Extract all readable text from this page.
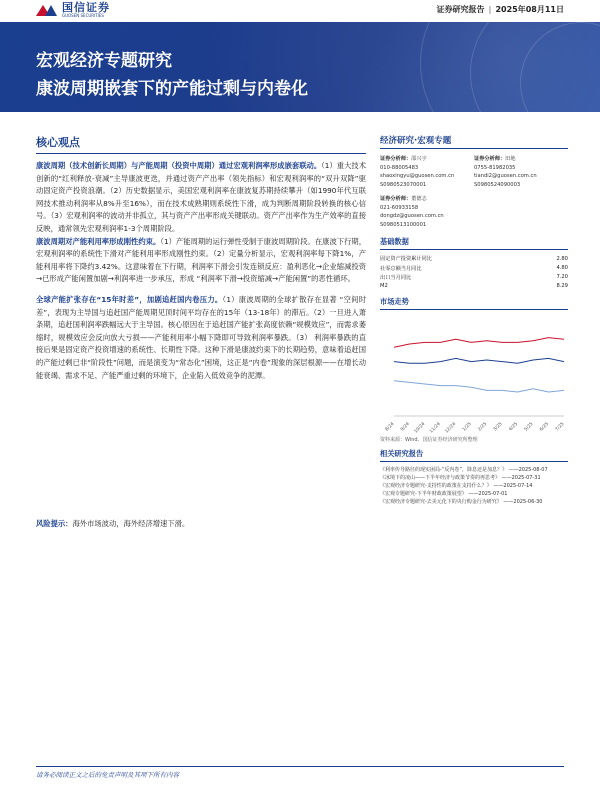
国信证券
GUOSEN SECURITIES
证券研究报告 | 2025年08月11日
宏观经济专题研究
康波周期嵌套下的产能过剩与内卷化
核心观点

康波周期（技术创新长周期）与产能周期（投资中周期）通过宏观利润率形成嵌套联动。（1）重大技术创新的“红利释放-衰减”主导康波更迭，并通过资产产出率（领先指标）和宏观利润率的“双升双降”驱动固定资产投资浪潮。（2）历史数据显示，美国宏观利润率在康波复苏期持续攀升（如1990年代互联网技术推动利润率从8%升至16%），而在技术成熟期则系统性下滑，成为判断周期阶段转换的核心信号。（3）宏观利润率的波动并非孤立，其与资产产出率形成关键联动。资产产出率作为生产效率的直接反映，通常领先宏观利润率1-3个周期阶段。

康波周期对产能利用率形成刚性约束。（1）产能周期的运行弹性受制于康波周期阶段。在康波下行期，宏观利润率的系统性下滑对产能利用率形成刚性约束。（2）定量分析显示，宏观利润率每下降1%，产能利用率将下降约3.42%。这意味着在下行期，利润率下滑会引发连锁反应：盈利恶化→企业缩减投资→已形成产能闲置加剧→利润率进一步承压，形成 “利润率下滑→投资缩减→产能闲置”的恶性循环。

全球产能扩张存在“15年时差”，加剧追赶国内卷压力。（1）康波周期的全球扩散存在显著 “空间时差”，表现为主导国与追赶国产能周期见顶时间平均存在的15年（13-18年）的滞后。（2）一旦进入萧条期，追赶国利润率跌幅远大于主导国。核心原因在于追赶国产能扩张高度依赖“规模效应”，而需求萎缩时，规模效应会反向放大亏损——产能利用率小幅下降即可导致利润率暴跌。（3） 利润率暴跌的直接后果是固定资产投资增速的系统性、长期性下降。这种下滑是康波约束下的长期趋势，意味着追赶国的产能过剩已非“阶段性”问题，而是演变为“常态化”困境，这正是“内卷”现象的深层根源——在增长动能衰竭、需求不足、产能严重过剩的环境下，企业陷入低效竞争的泥潭。

风险提示：海外市场波动，海外经济增速下滑。
经济研究·宏观专题
证券分析师：邵兴宇
010-88005483
shaoxingyu@guosen.com.cn
S0980523070001
证券分析师：田地
0755-81982035
tiandi2@guosen.com.cn
S0980524090003
证券分析师：董德志
021-60933158
dongdz@guosen.com.cn
S0980513100001
基础数据
固定资产投资累计同比	2.80
社零总额当月同比	4.80
出口当月同比	7.20
M2	8.29
市场走势
8/24 9/24 10/24 11/24 12/24 1/25 2/25 3/25 4/25 5/25 6/25 7/25
资料来源：Wind、国信证券经济研究所整理
相关研究报告
《利率传导路径的现实困局-“反内卷”，降息还是加息？》 ——2025-08-07
《冰境下的凌山——下半年经济与政策节奏的再思考》 ——2025-07-31
《宏观经济专题研究-支持性的政策在支持什么？》 ——2025-07-14
《宏观专题研究-下半年财政政策展望》 ——2025-07-01
《宏观经济专题研究-去美元化下的央行购金行为研究》 ——2025-06-30
请务必阅读正文之后的免责声明及其项下所有内容
